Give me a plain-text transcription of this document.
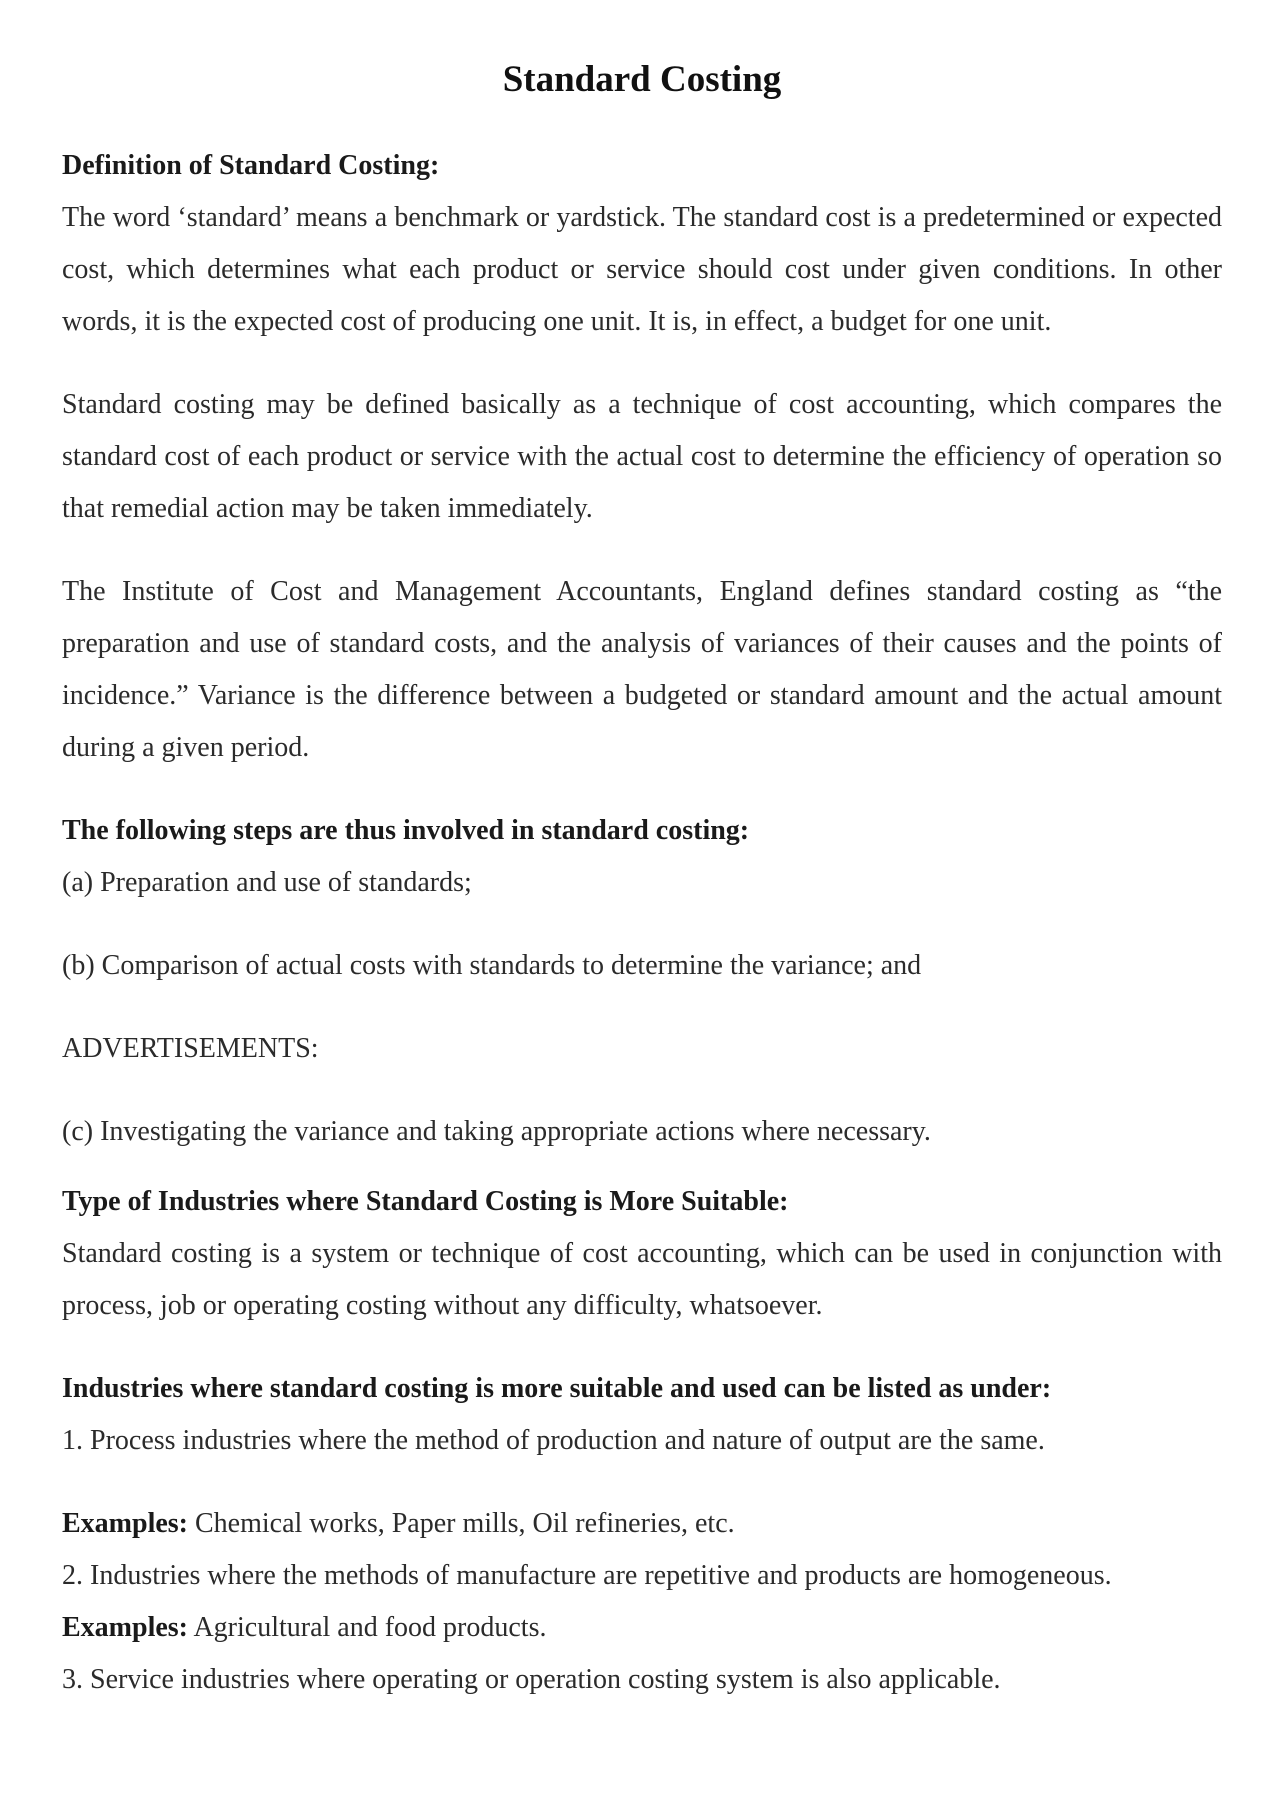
Standard Costing
Definition of Standard Costing:

The word ‘standard’ means a benchmark or yardstick. The standard cost is a predetermined or expected cost, which determines what each product or service should cost under given conditions. In other words, it is the expected cost of producing one unit. It is, in effect, a budget for one unit.

Standard costing may be defined basically as a technique of cost accounting, which compares the standard cost of each product or service with the actual cost to determine the efficiency of operation so that remedial action may be taken immediately.

The Institute of Cost and Management Accountants, England defines standard costing as “the preparation and use of standard costs, and the analysis of variances of their causes and the points of incidence.” Variance is the difference between a budgeted or standard amount and the actual amount during a given period.

The following steps are thus involved in standard costing:

(a) Preparation and use of standards;

(b) Comparison of actual costs with standards to determine the variance; and

ADVERTISEMENTS:

(c) Investigating the variance and taking appropriate actions where necessary.

Type of Industries where Standard Costing is More Suitable:

Standard costing is a system or technique of cost accounting, which can be used in conjunction with process, job or operating costing without any difficulty, whatsoever.

Industries where standard costing is more suitable and used can be listed as under:

1. Process industries where the method of production and nature of output are the same.

Examples: Chemical works, Paper mills, Oil refineries, etc.

2. Industries where the methods of manufacture are repetitive and products are homogeneous.

Examples: Agricultural and food products.

3. Service industries where operating or operation costing system is also applicable.
